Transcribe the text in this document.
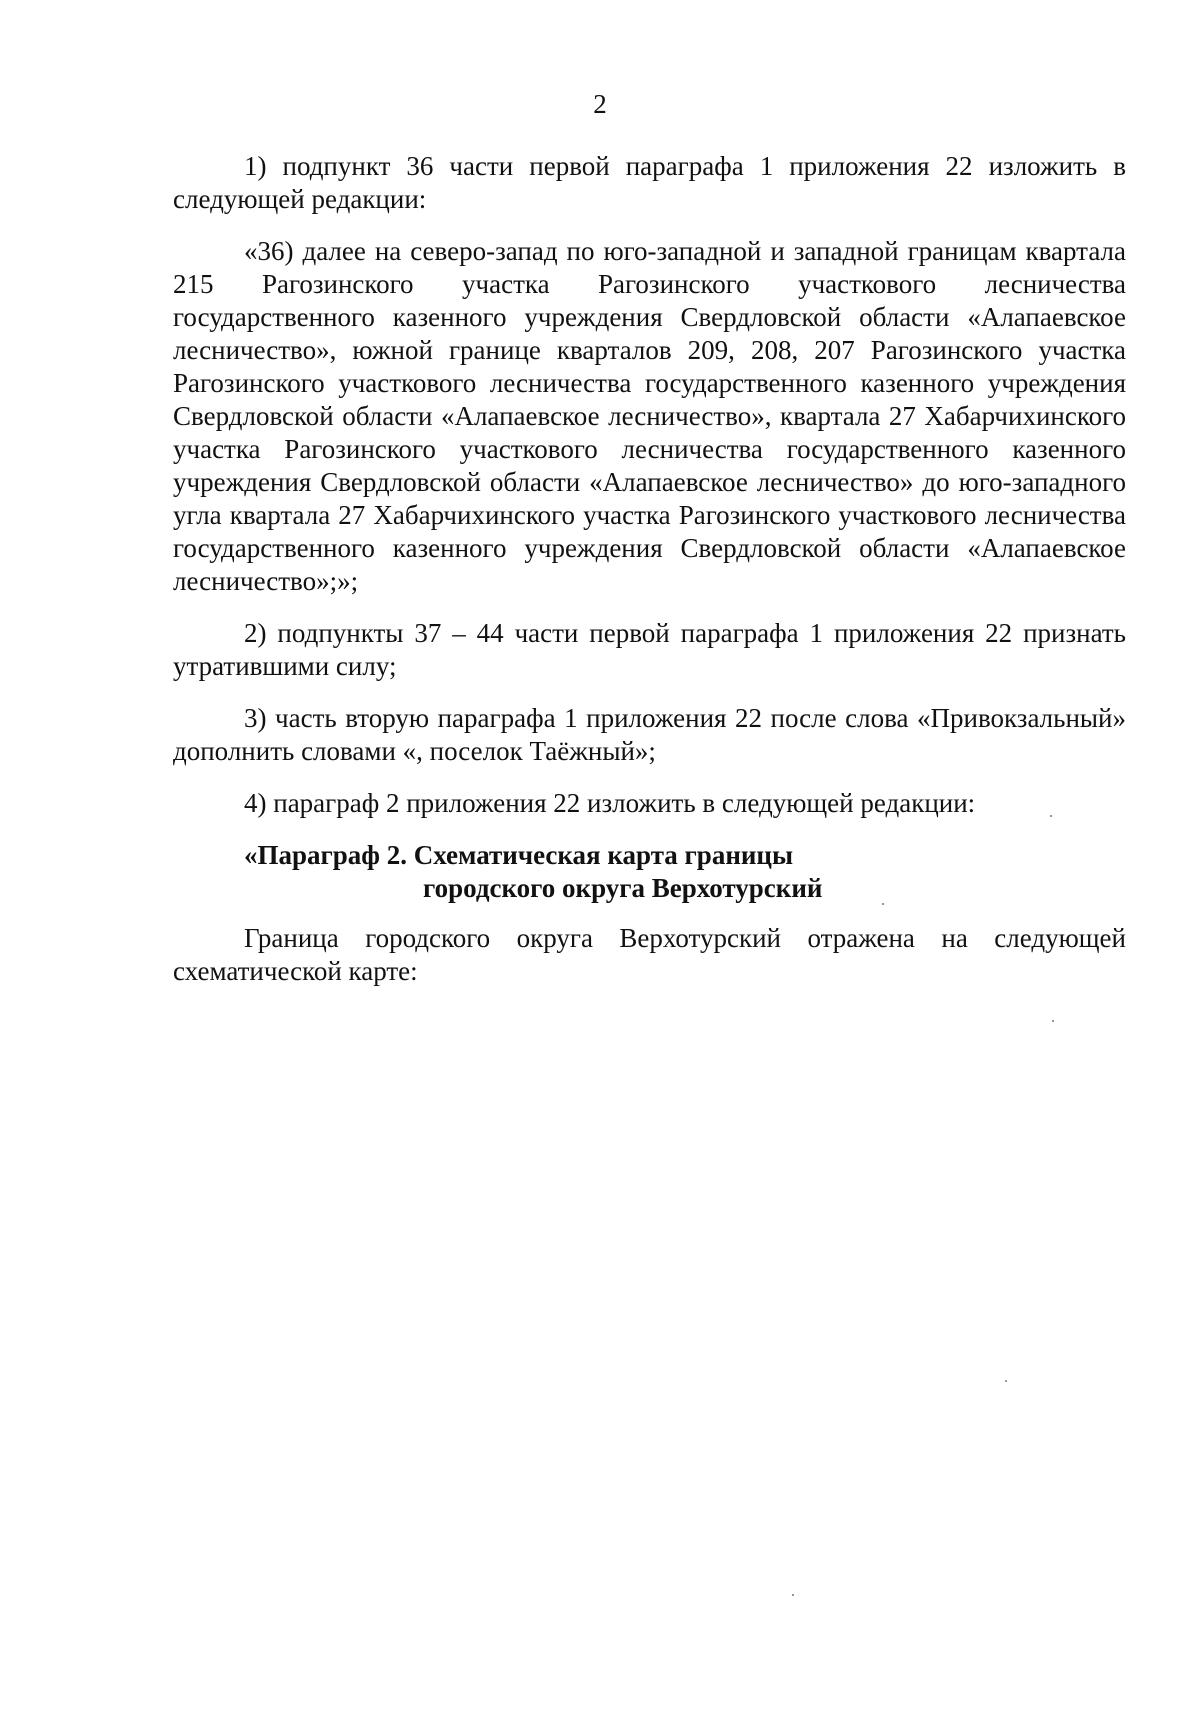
2

1) подпункт 36 части первой параграфа 1 приложения 22 изложить в следующей редакции:

«36) далее на северо-запад по юго-западной и западной границам квартала 215 Рагозинского участка Рагозинского участкового лесничества государственного казенного учреждения Свердловской области «Алапаевское лесничество», южной границе кварталов 209, 208, 207 Рагозинского участка Рагозинского участкового лесничества государственного казенного учреждения Свердловской области «Алапаевское лесничество», квартала 27 Хабарчихинского участка Рагозинского участкового лесничества государственного казенного учреждения Свердловской области «Алапаевское лесничество» до юго-западного угла квартала 27 Хабарчихинского участка Рагозинского участкового лесничества государственного казенного учреждения Свердловской области «Алапаевское лесничество»;»;

2) подпункты 37 – 44 части первой параграфа 1 приложения 22 признать утратившими силу;

3) часть вторую параграфа 1 приложения 22 после слова «Привокзальный» дополнить словами «, поселок Таёжный»;

4) параграф 2 приложения 22 изложить в следующей редакции:

«Параграф 2. Схематическая карта границы
городского округа Верхотурский

Граница городского округа Верхотурский отражена на следующей схематической карте:
